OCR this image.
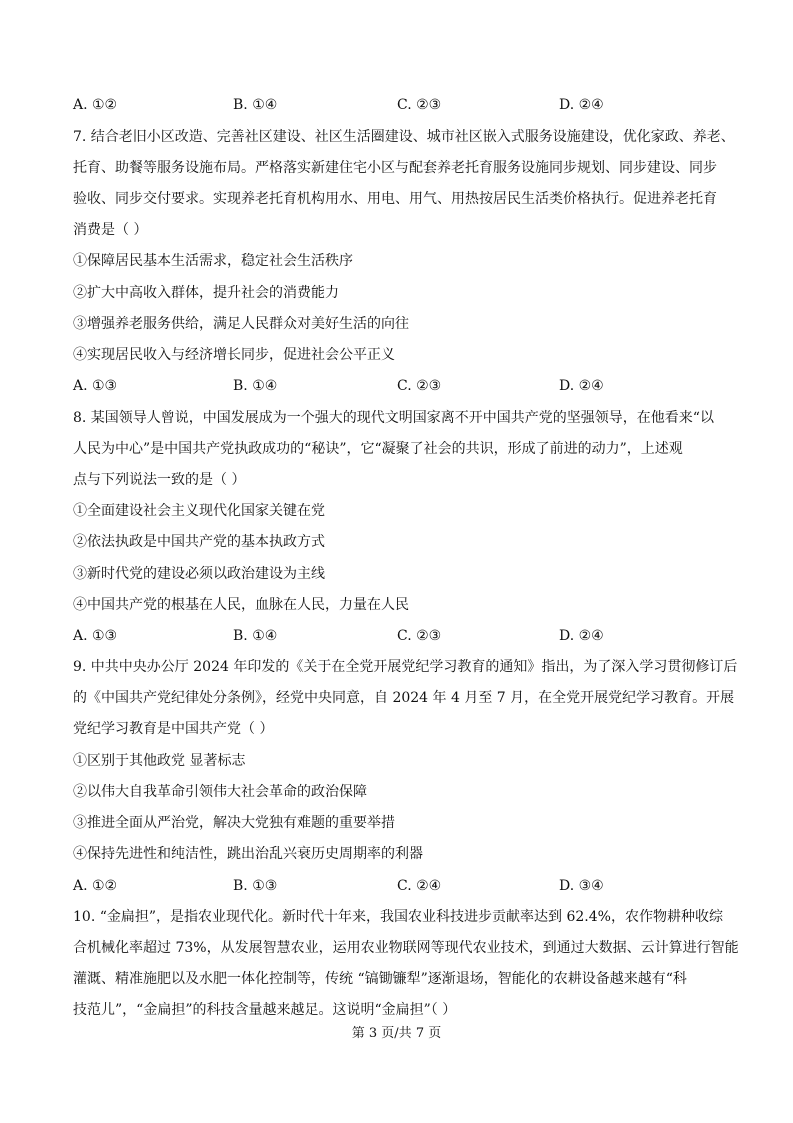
A. ①②	B. ①④	C. ②③	D. ②④
7. 结合老旧小区改造、完善社区建设、社区生活圈建设、城市社区嵌入式服务设施建设，优化家政、养老、
托育、助餐等服务设施布局。严格落实新建住宅小区与配套养老托育服务设施同步规划、同步建设、同步
验收、同步交付要求。实现养老托育机构用水、用电、用气、用热按居民生活类价格执行。促进养老托育
消费是（ ）
①保障居民基本生活需求，稳定社会生活秩序
②扩大中高收入群体，提升社会的消费能力
③增强养老服务供给，满足人民群众对美好生活的向往
④实现居民收入与经济增长同步，促进社会公平正义
A. ①③	B. ①④	C. ②③	D. ②④
8. 某国领导人曾说，中国发展成为一个强大的现代文明国家离不开中国共产党的坚强领导，在他看来“以
人民为中心”是中国共产党执政成功的“秘诀”，它“凝聚了社会的共识，形成了前进的动力”，上述观
点与下列说法一致的是（ ）
①全面建设社会主义现代化国家关键在党
②依法执政是中国共产党的基本执政方式
③新时代党的建设必须以政治建设为主线
④中国共产党的根基在人民，血脉在人民，力量在人民
A. ①③	B. ①④	C. ②③	D. ②④
9. 中共中央办公厅 2024 年印发的《关于在全党开展党纪学习教育的通知》指出，为了深入学习贯彻修订后
的《中国共产党纪律处分条例》，经党中央同意，自 2024 年 4 月至 7 月，在全党开展党纪学习教育。开展
党纪学习教育是中国共产党（ ）
①区别于其他政党 显著标志
②以伟大自我革命引领伟大社会革命的政治保障
③推进全面从严治党，解决大党独有难题的重要举措
④保持先进性和纯洁性，跳出治乱兴衰历史周期率的利器
A. ①②	B. ①③	C. ②④	D. ③④
10. “金扁担”，是指农业现代化。新时代十年来，我国农业科技进步贡献率达到 62.4%，农作物耕种收综
合机械化率超过 73%，从发展智慧农业，运用农业物联网等现代农业技术，到通过大数据、云计算进行智能
灌溉、精准施肥以及水肥一体化控制等，传统 “镐锄镰犁”逐渐退场，智能化的农耕设备越来越有“科
技范儿”，“金扁担”的科技含量越来越足。这说明“金扁担”（ ）
第 3 页/共 7 页
